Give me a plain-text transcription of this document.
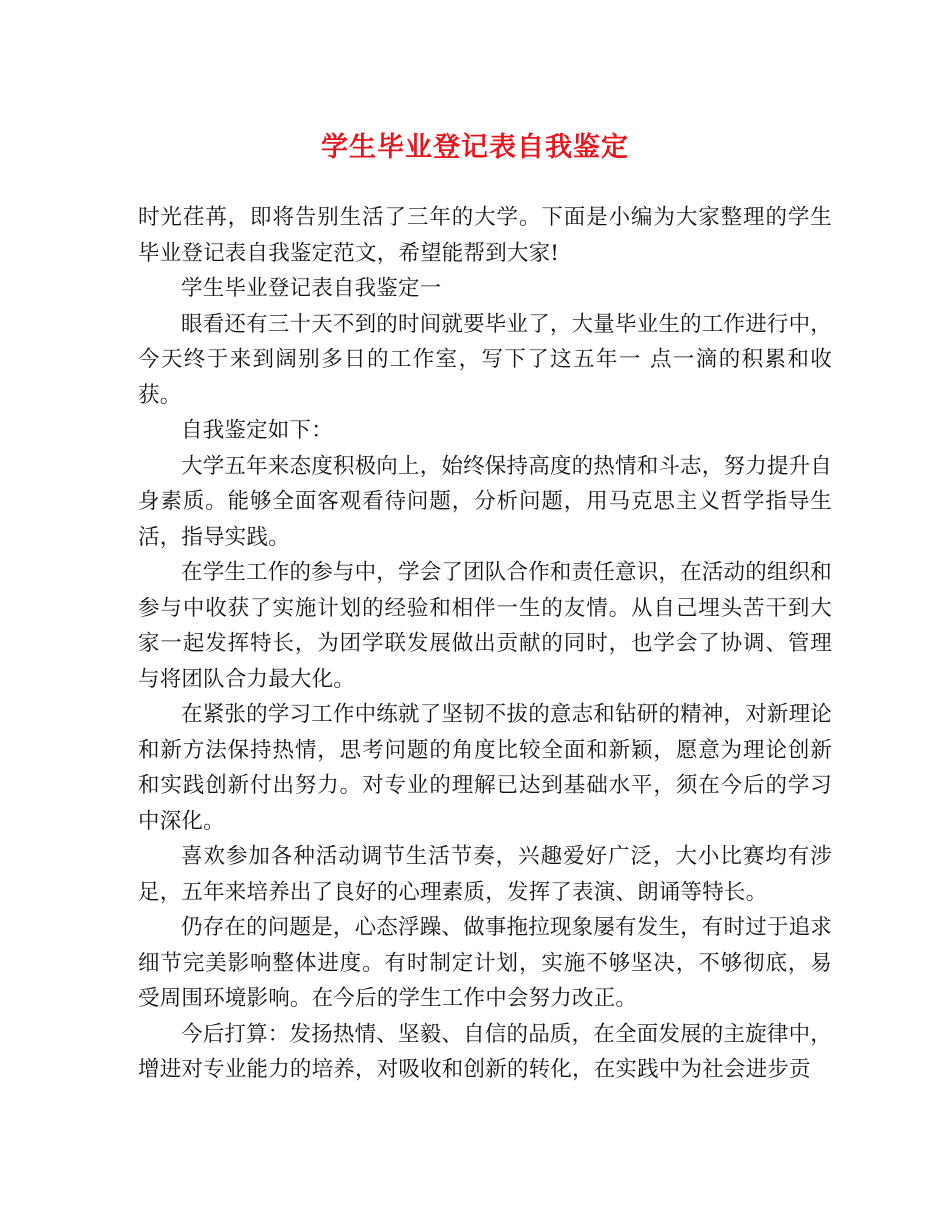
学生毕业登记表自我鉴定

时光荏苒，即将告别生活了三年的大学。下面是小编为大家整理的学生毕业登记表自我鉴定范文，希望能帮到大家!

学生毕业登记表自我鉴定一

眼看还有三十天不到的时间就要毕业了，大量毕业生的工作进行中，今天终于来到阔别多日的工作室，写下了这五年一 点一滴的积累和收获。

自我鉴定如下：

大学五年来态度积极向上，始终保持高度的热情和斗志，努力提升自身素质。能够全面客观看待问题，分析问题，用马克思主义哲学指导生活，指导实践。

在学生工作的参与中，学会了团队合作和责任意识，在活动的组织和参与中收获了实施计划的经验和相伴一生的友情。从自己埋头苦干到大家一起发挥特长，为团学联发展做出贡献的同时，也学会了协调、管理与将团队合力最大化。

在紧张的学习工作中练就了坚韧不拔的意志和钻研的精神，对新理论和新方法保持热情，思考问题的角度比较全面和新颖，愿意为理论创新和实践创新付出努力。对专业的理解已达到基础水平，须在今后的学习中深化。

喜欢参加各种活动调节生活节奏，兴趣爱好广泛，大小比赛均有涉足，五年来培养出了良好的心理素质，发挥了表演、朗诵等特长。

仍存在的问题是，心态浮躁、做事拖拉现象屡有发生，有时过于追求细节完美影响整体进度。有时制定计划，实施不够坚决，不够彻底，易受周围环境影响。在今后的学生工作中会努力改正。

今后打算：发扬热情、坚毅、自信的品质，在全面发展的主旋律中，增进对专业能力的培养，对吸收和创新的转化，在实践中为社会进步贡
